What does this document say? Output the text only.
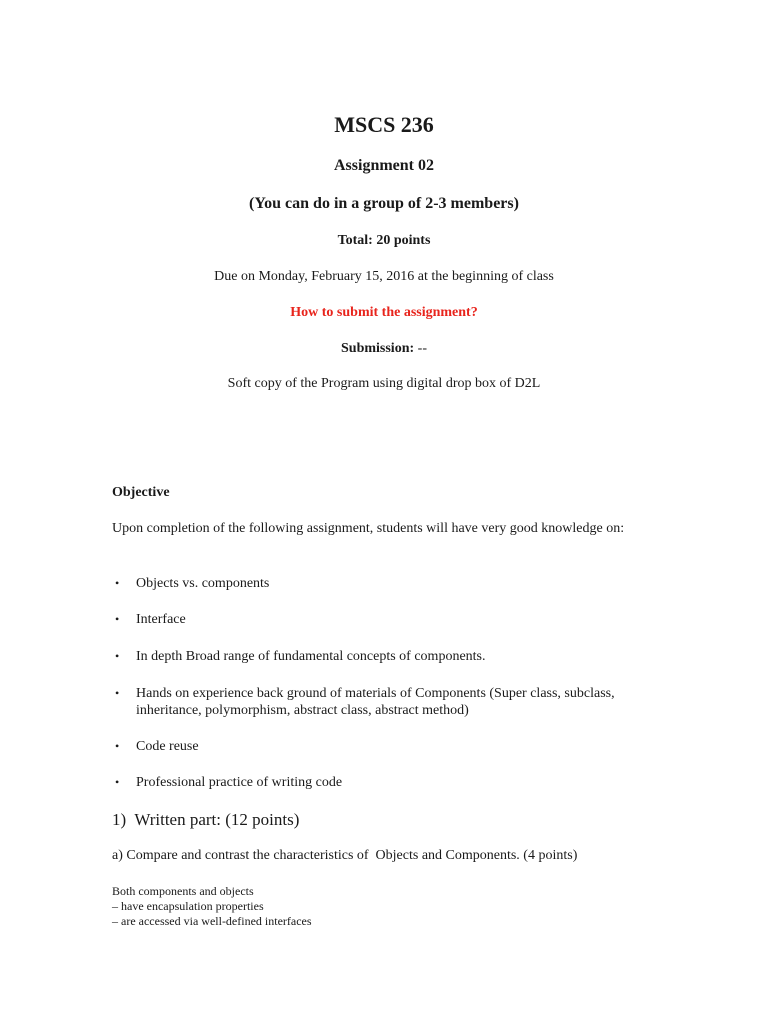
MSCS 236

Assignment 02

(You can do in a group of 2-3 members)

Total: 20 points

Due on Monday, February 15, 2016 at the beginning of class

How to submit the assignment?

Submission: --

Soft copy of the Program using digital drop box of D2L

Objective

Upon completion of the following assignment, students will have very good knowledge on:

• Objects vs. components
• Interface
• In depth Broad range of fundamental concepts of components.
• Hands on experience back ground of materials of Components (Super class, subclass, inheritance, polymorphism, abstract class, abstract method)
• Code reuse
• Professional practice of writing code

1)  Written part: (12 points)

a) Compare and contrast the characteristics of  Objects and Components. (4 points)

Both components and objects
– have encapsulation properties
– are accessed via well-defined interfaces
